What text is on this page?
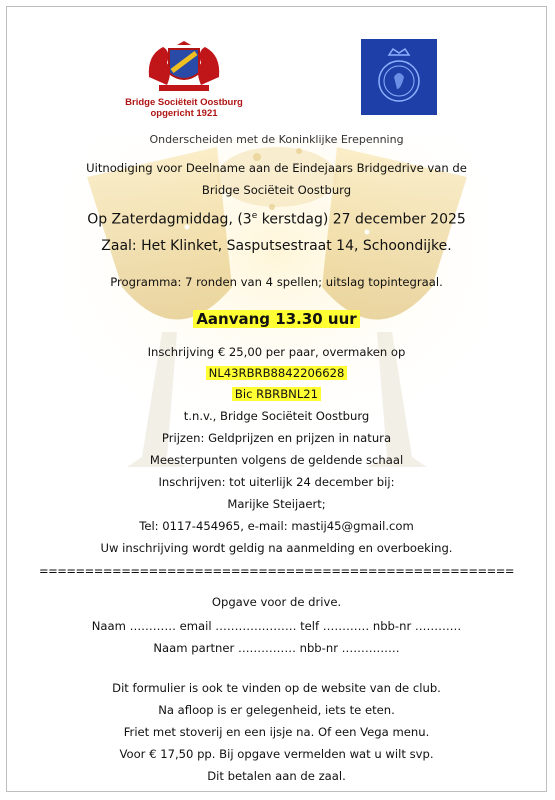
Bridge Sociëteit Oostburg
opgericht 1921
Onderscheiden met de Koninklijke Erepenning
Uitnodiging voor Deelname aan de Eindejaars Bridgedrive van de
Bridge Sociëteit Oostburg
Op Zaterdagmiddag, (3e kerstdag) 27 december 2025
Zaal: Het Klinket, Sasputsestraat 14, Schoondijke.
Programma: 7 ronden van 4 spellen; uitslag topintegraal.
Aanvang 13.30 uur
Inschrijving € 25,00 per paar, overmaken op
NL43RBRB8842206628
Bic RBRBNL21
t.n.v., Bridge Sociëteit Oostburg
Prijzen: Geldprijzen en prijzen in natura
Meesterpunten volgens de geldende schaal
Inschrijven: tot uiterlijk 24 december bij:
Marijke Steijaert;
Tel: 0117-454965, e-mail: mastij45@gmail.com
Uw inschrijving wordt geldig na aanmelding en overboeking.
====================================================
Opgave voor de drive.
Naam ………… email ………………… telf ………… nbb-nr …………
Naam partner …………… nbb-nr ……………
Dit formulier is ook te vinden op de website van de club.
Na afloop is er gelegenheid, iets te eten.
Friet met stoverij en een ijsje na. Of een Vega menu.
Voor € 17,50 pp. Bij opgave vermelden wat u wilt svp.
Dit betalen aan de zaal.
